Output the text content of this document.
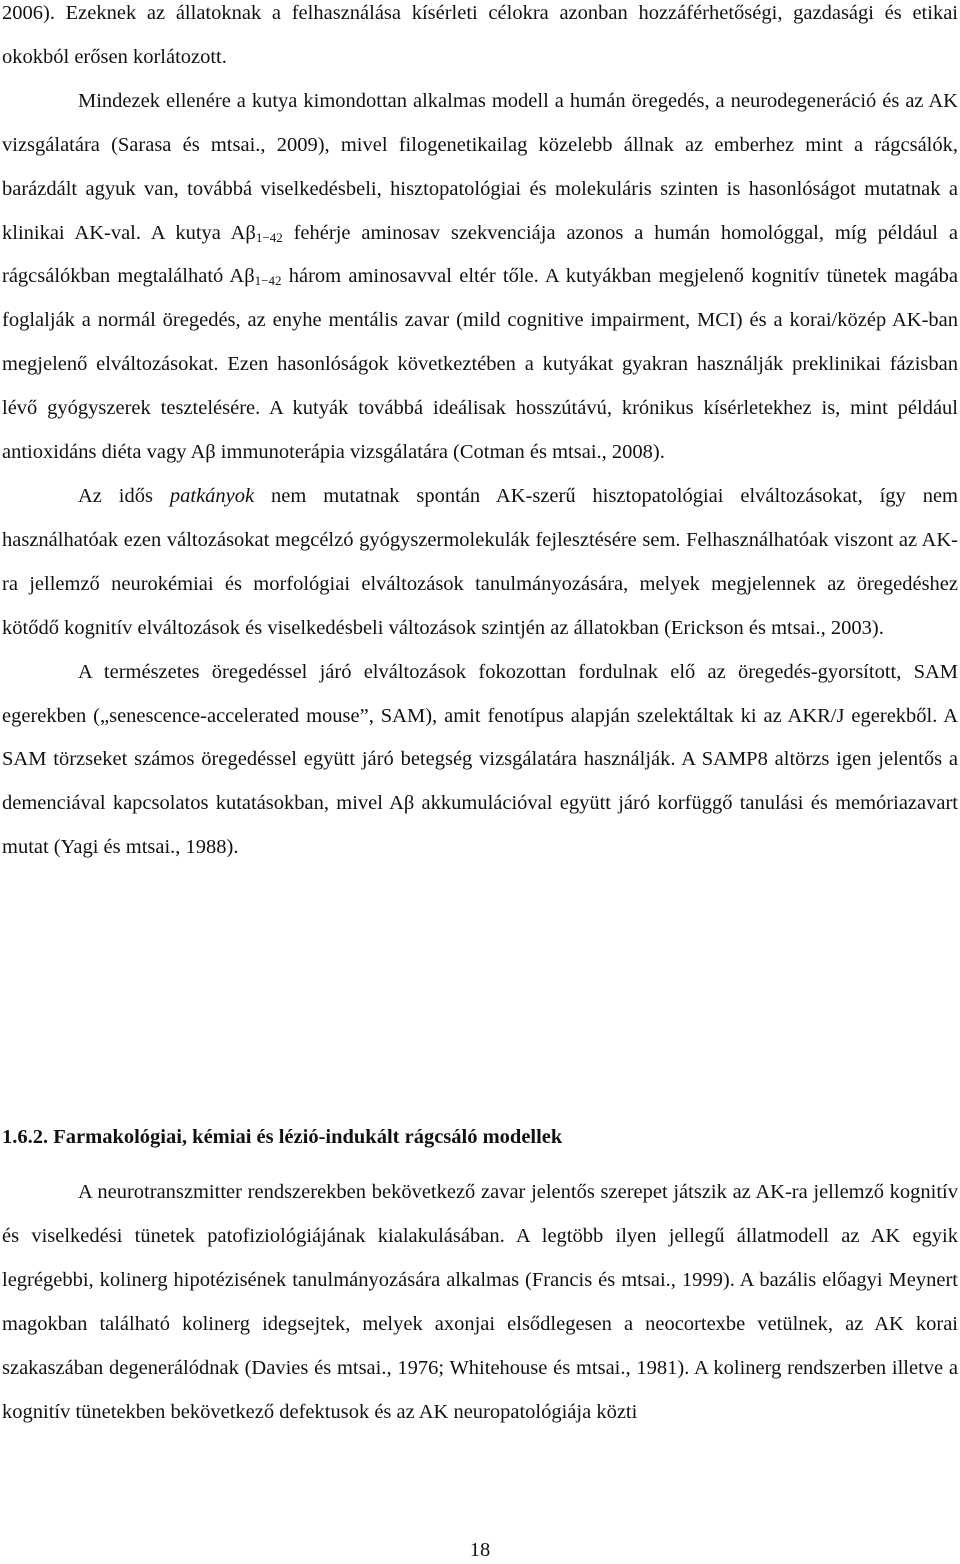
2006). Ezeknek az állatoknak a felhasználása kísérleti célokra azonban hozzáférhetőségi, gazdasági és etikai okokból erősen korlátozott.

Mindezek ellenére a kutya kimondottan alkalmas modell a humán öregedés, a neurodegeneráció és az AK vizsgálatára (Sarasa és mtsai., 2009), mivel filogenetikailag közelebb állnak az emberhez mint a rágcsálók, barázdált agyuk van, továbbá viselkedésbeli, hisztopatológiai és molekuláris szinten is hasonlóságot mutatnak a klinikai AK-val. A kutya $A\beta_{1-42}$ fehérje aminosav szekvenciája azonos a humán homológgal, míg például a rágcsálókban megtalálható $A\beta_{1-42}$ három aminosavval eltér tőle. A kutyákban megjelenő kognitív tünetek magába foglalják a normál öregedés, az enyhe mentális zavar (mild cognitive impairment, MCI) és a korai/közép AK-ban megjelenő elváltozásokat. Ezen hasonlóságok következtében a kutyákat gyakran használják preklinikai fázisban lévő gyógyszerek tesztelésére. A kutyák továbbá ideálisak hosszútávú, krónikus kísérletekhez is, mint például antioxidáns diéta vagy Aβ immunoterápia vizsgálatára (Cotman és mtsai., 2008).

Az idős patkányok nem mutatnak spontán AK-szerű hisztopatológiai elváltozásokat, így nem használhatóak ezen változásokat megcélzó gyógyszermolekulák fejlesztésére sem. Felhasználhatóak viszont az AK-ra jellemző neurokémiai és morfológiai elváltozások tanulmányozására, melyek megjelennek az öregedéshez kötődő kognitív elváltozások és viselkedésbeli változások szintjén az állatokban (Erickson és mtsai., 2003).

A természetes öregedéssel járó elváltozások fokozottan fordulnak elő az öregedés-gyorsított, SAM egerekben („senescence-accelerated mouse”, SAM), amit fenotípus alapján szelektáltak ki az AKR/J egerekből. A SAM törzseket számos öregedéssel együtt járó betegség vizsgálatára használják. A SAMP8 altörzs igen jelentős a demenciával kapcsolatos kutatásokban, mivel Aβ akkumulációval együtt járó korfüggő tanulási és memóriazavart mutat (Yagi és mtsai., 1988).

1.6.2. Farmakológiai, kémiai és lézió-indukált rágcsáló modellek

A neurotranszmitter rendszerekben bekövetkező zavar jelentős szerepet játszik az AK-ra jellemző kognitív és viselkedési tünetek patofiziológiájának kialakulásában. A legtöbb ilyen jellegű állatmodell az AK egyik legrégebbi, kolinerg hipotézisének tanulmányozására alkalmas (Francis és mtsai., 1999). A bazális előagyi Meynert magokban található kolinerg idegsejtek, melyek axonjai elsődlegesen a neocortexbe vetülnek, az AK korai szakaszában degenerálódnak (Davies és mtsai., 1976; Whitehouse és mtsai., 1981). A kolinerg rendszerben illetve a kognitív tünetekben bekövetkező defektusok és az AK neuropatológiája közti

18
